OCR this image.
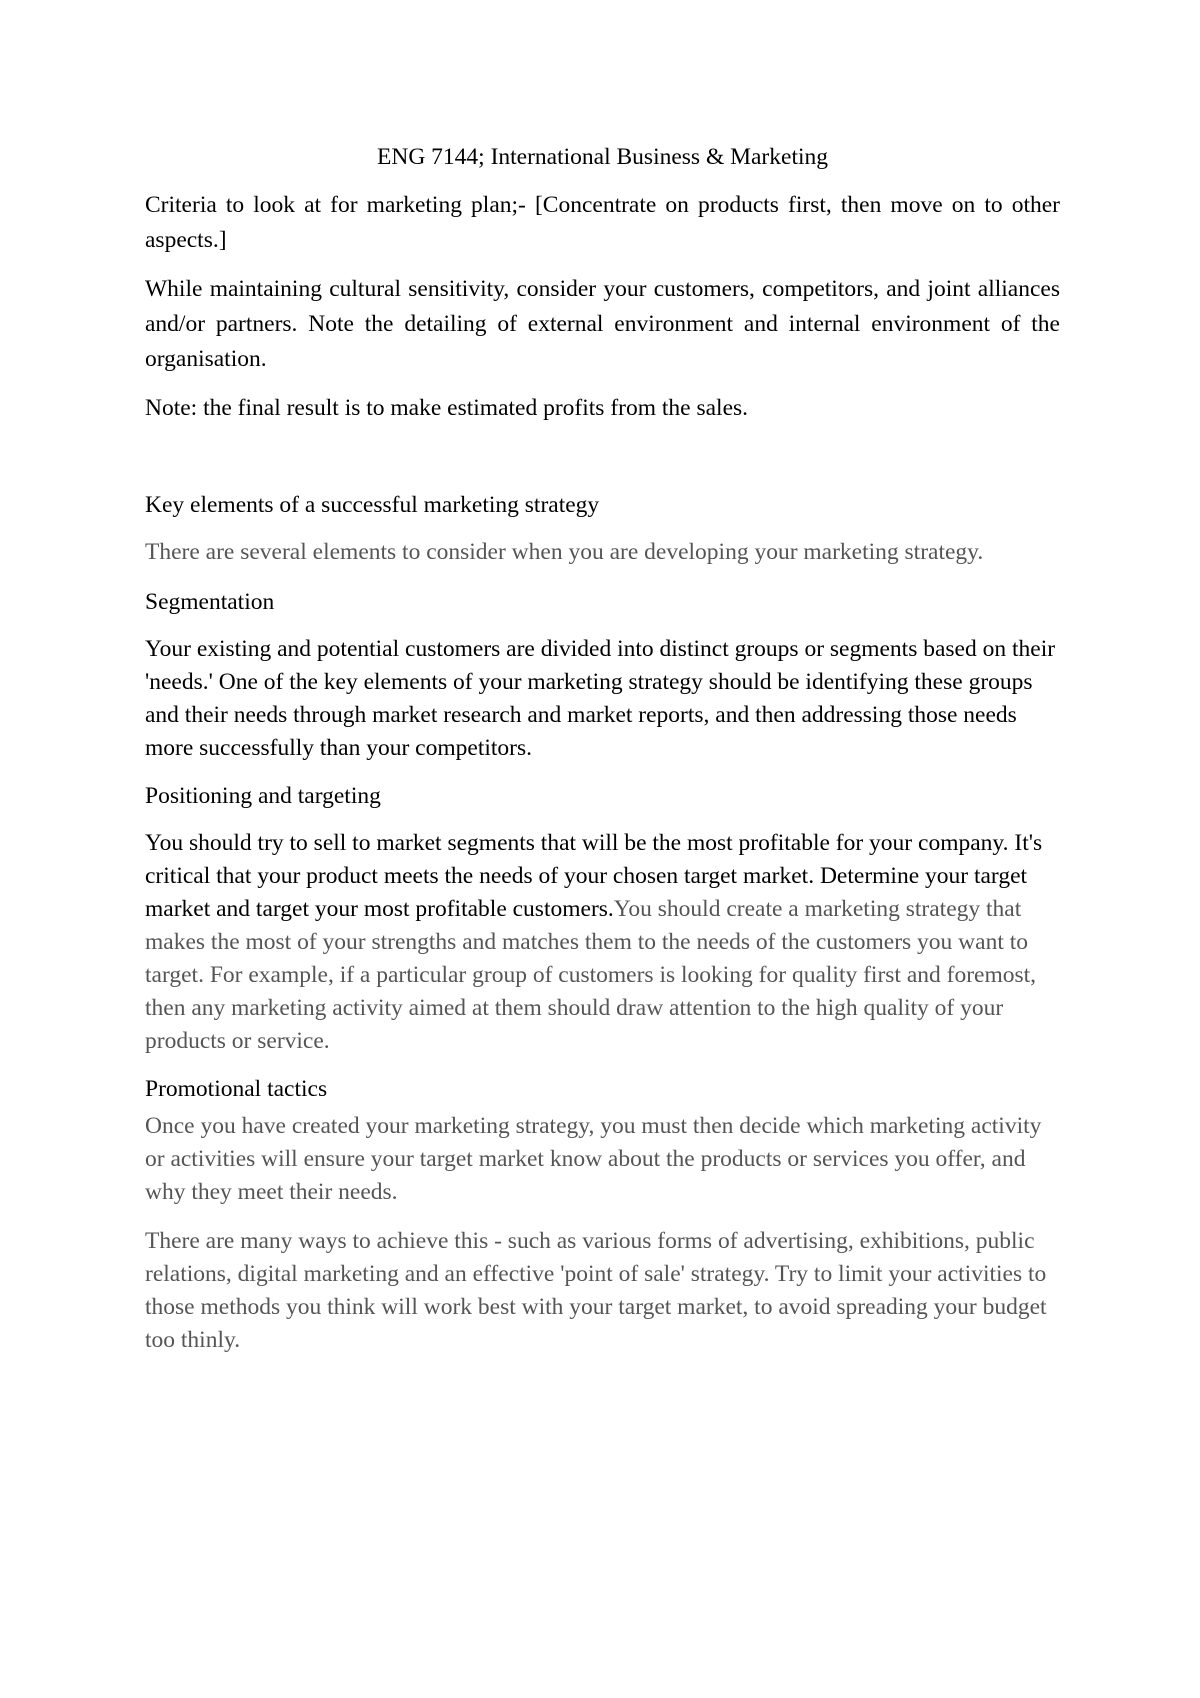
ENG 7144; International Business & Marketing

Criteria to look at for marketing plan;- [Concentrate on products first, then move on to other aspects.]

While maintaining cultural sensitivity, consider your customers, competitors, and joint alliances and/or partners. Note the detailing of external environment and internal environment of the organisation.

Note: the final result is to make estimated profits from the sales.

Key elements of a successful marketing strategy

There are several elements to consider when you are developing your marketing strategy.

Segmentation

Your existing and potential customers are divided into distinct groups or segments based on their 'needs.' One of the key elements of your marketing strategy should be identifying these groups and their needs through market research and market reports, and then addressing those needs more successfully than your competitors.

Positioning and targeting

You should try to sell to market segments that will be the most profitable for your company. It's critical that your product meets the needs of your chosen target market. Determine your target market and target your most profitable customers.You should create a marketing strategy that makes the most of your strengths and matches them to the needs of the customers you want to target. For example, if a particular group of customers is looking for quality first and foremost, then any marketing activity aimed at them should draw attention to the high quality of your products or service.

Promotional tactics

Once you have created your marketing strategy, you must then decide which marketing activity or activities will ensure your target market know about the products or services you offer, and why they meet their needs.

There are many ways to achieve this - such as various forms of advertising, exhibitions, public relations, digital marketing and an effective 'point of sale' strategy. Try to limit your activities to those methods you think will work best with your target market, to avoid spreading your budget too thinly.
